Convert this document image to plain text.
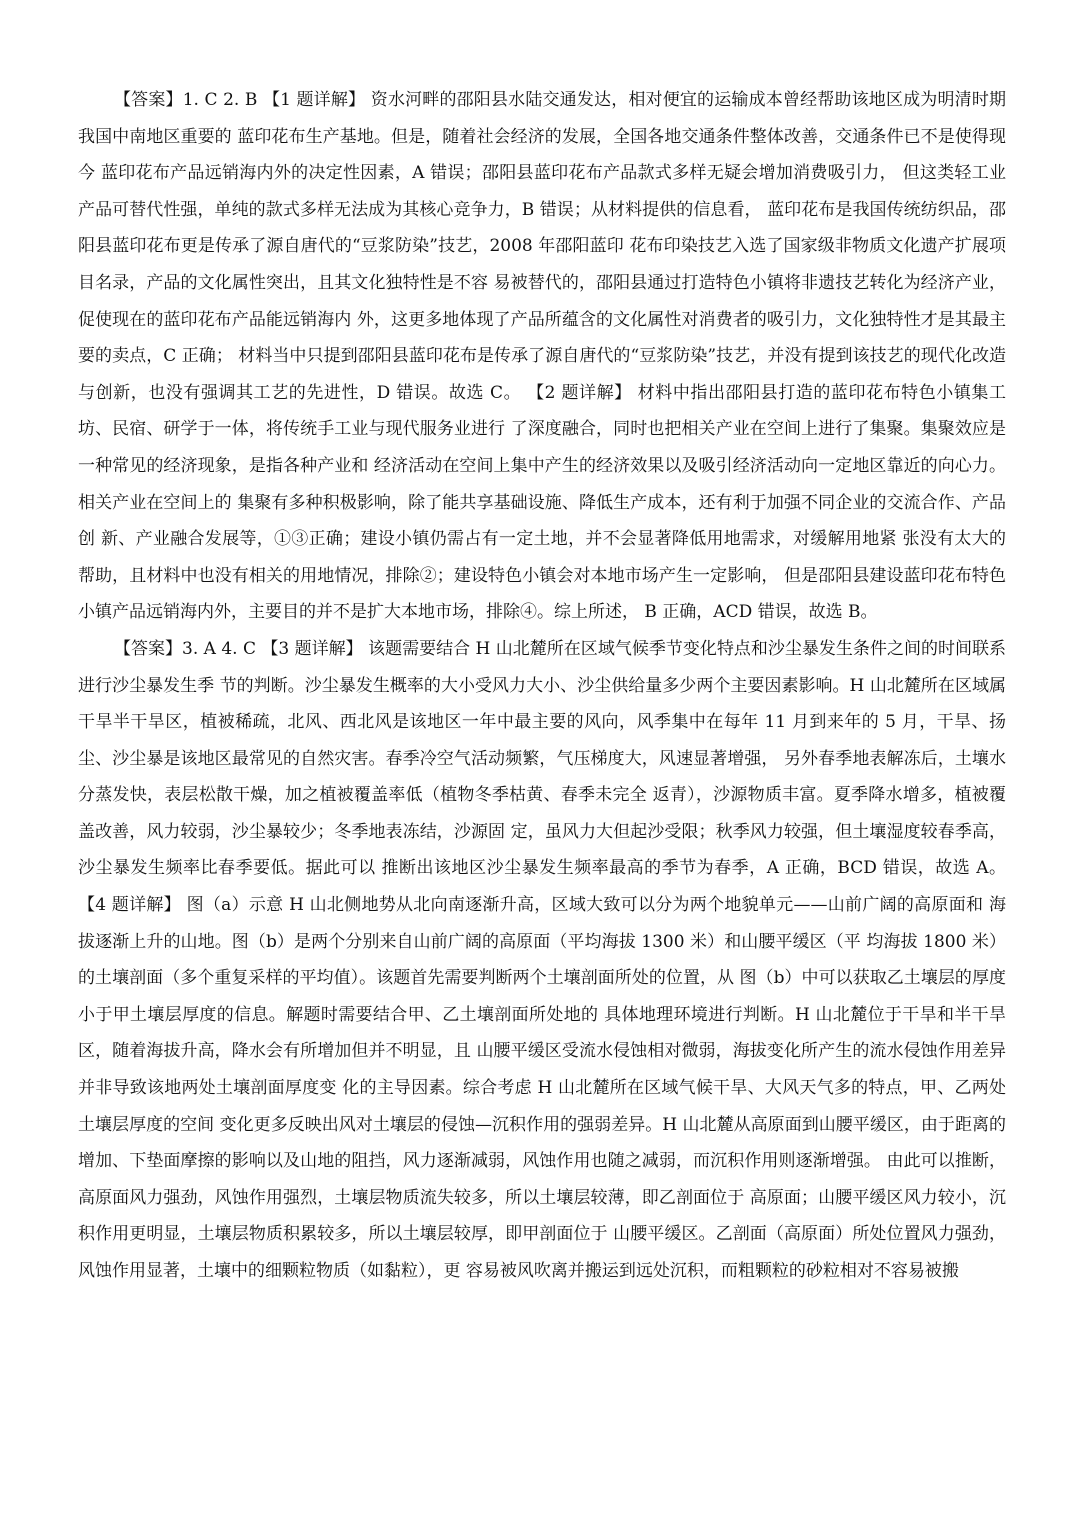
【答案】1. C 2. B 【1 题详解】 资水河畔的邵阳县水陆交通发达，相对便宜的运输成本曾经帮助该地区成为明清时期我国中南地区重要的 蓝印花布生产基地。但是，随着社会经济的发展，全国各地交通条件整体改善，交通条件已不是使得现今 蓝印花布产品远销海内外的决定性因素，A 错误；邵阳县蓝印花布产品款式多样无疑会增加消费吸引力， 但这类轻工业产品可替代性强，单纯的款式多样无法成为其核心竞争力，B 错误；从材料提供的信息看， 蓝印花布是我国传统纺织品，邵阳县蓝印花布更是传承了源自唐代的“豆浆防染”技艺，2008 年邵阳蓝印 花布印染技艺入选了国家级非物质文化遗产扩展项目名录，产品的文化属性突出，且其文化独特性是不容 易被替代的，邵阳县通过打造特色小镇将非遗技艺转化为经济产业，促使现在的蓝印花布产品能远销海内 外，这更多地体现了产品所蕴含的文化属性对消费者的吸引力，文化独特性才是其最主要的卖点，C 正确； 材料当中只提到邵阳县蓝印花布是传承了源自唐代的“豆浆防染”技艺，并没有提到该技艺的现代化改造与创新，也没有强调其工艺的先进性，D 错误。故选 C。 【2 题详解】 材料中指出邵阳县打造的蓝印花布特色小镇集工坊、民宿、研学于一体，将传统手工业与现代服务业进行 了深度融合，同时也把相关产业在空间上进行了集聚。集聚效应是一种常见的经济现象，是指各种产业和 经济活动在空间上集中产生的经济效果以及吸引经济活动向一定地区靠近的向心力。相关产业在空间上的 集聚有多种积极影响，除了能共享基础设施、降低生产成本，还有利于加强不同企业的交流合作、产品创 新、产业融合发展等，①③正确；建设小镇仍需占有一定土地，并不会显著降低用地需求，对缓解用地紧 张没有太大的帮助，且材料中也没有相关的用地情况，排除②；建设特色小镇会对本地市场产生一定影响， 但是邵阳县建设蓝印花布特色小镇产品远销海内外，主要目的并不是扩大本地市场，排除④。综上所述， B 正确，ACD 错误，故选 B。

【答案】3. A 4. C 【3 题详解】 该题需要结合 H 山北麓所在区域气候季节变化特点和沙尘暴发生条件之间的时间联系进行沙尘暴发生季 节的判断。沙尘暴发生概率的大小受风力大小、沙尘供给量多少两个主要因素影响。H 山北麓所在区域属 干旱半干旱区，植被稀疏，北风、西北风是该地区一年中最主要的风向，风季集中在每年 11 月到来年的 5 月，干旱、扬尘、沙尘暴是该地区最常见的自然灾害。春季冷空气活动频繁，气压梯度大，风速显著增强， 另外春季地表解冻后，土壤水分蒸发快，表层松散干燥，加之植被覆盖率低（植物冬季枯黄、春季未完全 返青），沙源物质丰富。夏季降水增多，植被覆盖改善，风力较弱，沙尘暴较少；冬季地表冻结，沙源固 定，虽风力大但起沙受限；秋季风力较强，但土壤湿度较春季高，沙尘暴发生频率比春季要低。据此可以 推断出该地区沙尘暴发生频率最高的季节为春季，A 正确，BCD 错误，故选 A。 【4 题详解】 图（a）示意 H 山北侧地势从北向南逐渐升高，区域大致可以分为两个地貌单元——山前广阔的高原面和 海拔逐渐上升的山地。图（b）是两个分别来自山前广阔的高原面（平均海拔 1300 米）和山腰平缓区（平 均海拔 1800 米）的土壤剖面（多个重复采样的平均值）。该题首先需要判断两个土壤剖面所处的位置，从 图（b）中可以获取乙土壤层的厚度小于甲土壤层厚度的信息。解题时需要结合甲、乙土壤剖面所处地的 具体地理环境进行判断。H 山北麓位于干旱和半干旱区，随着海拔升高，降水会有所增加但并不明显，且 山腰平缓区受流水侵蚀相对微弱，海拔变化所产生的流水侵蚀作用差异并非导致该地两处土壤剖面厚度变 化的主导因素。综合考虑 H 山北麓所在区域气候干旱、大风天气多的特点，甲、乙两处土壤层厚度的空间 变化更多反映出风对土壤层的侵蚀—沉积作用的强弱差异。H 山北麓从高原面到山腰平缓区，由于距离的 增加、下垫面摩擦的影响以及山地的阻挡，风力逐渐减弱，风蚀作用也随之减弱，而沉积作用则逐渐增强。 由此可以推断，高原面风力强劲，风蚀作用强烈，土壤层物质流失较多，所以土壤层较薄，即乙剖面位于 高原面；山腰平缓区风力较小，沉积作用更明显，土壤层物质积累较多，所以土壤层较厚，即甲剖面位于 山腰平缓区。乙剖面（高原面）所处位置风力强劲，风蚀作用显著，土壤中的细颗粒物质（如黏粒），更 容易被风吹离并搬运到远处沉积，而粗颗粒的砂粒相对不容易被搬
